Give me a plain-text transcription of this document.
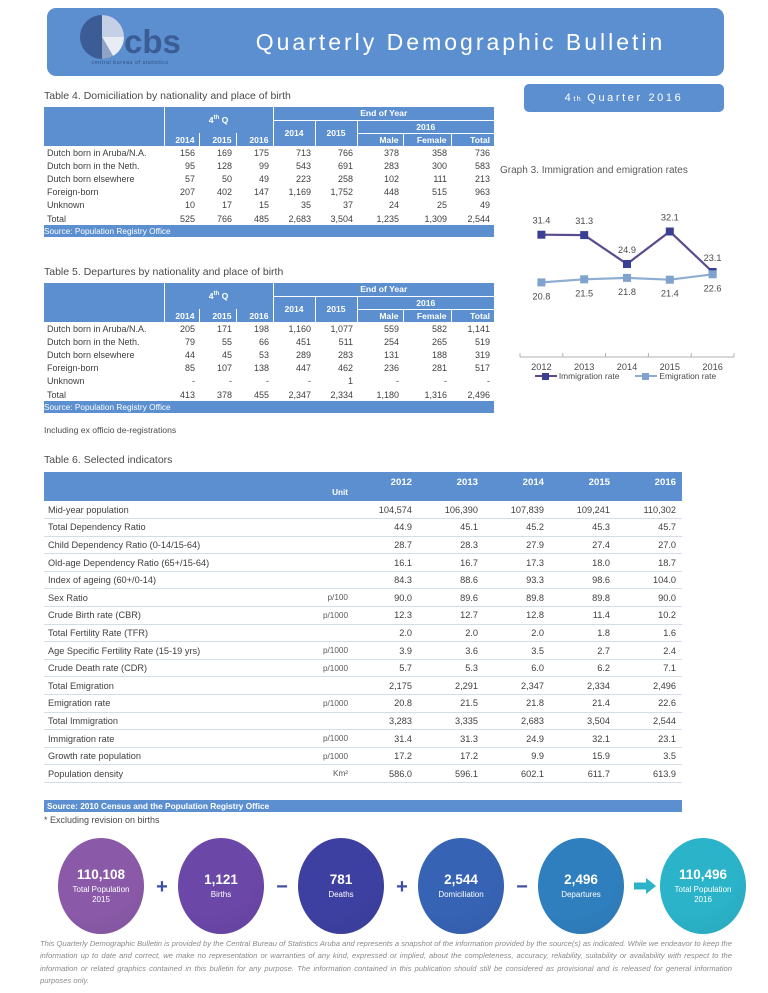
cbs
central bureau of statistics
Quarterly Demographic Bulletin
4 th
Quarter 2016
Table 4. Domiciliation by nationality and place of birth
	4th Q			End of Year				
				2014	2015	2016		
	2014	2015	2016			Male	Female	Total
Dutch born in Aruba/N.A.	156	169	175	713	766	378	358	736
Dutch born in the Neth.	95	128	99	543	691	283	300	583
Dutch born elsewhere	57	50	49	223	258	102	111	213
Foreign-born	207	402	147	1,169	1,752	448	515	963
Unknown	10	17	15	35	37	24	25	49
Total	525	766	485	2,683	3,504	1,235	1,309	2,544
Source: Population Registry Office								
Table 5. Departures by nationality and place of birth
	4th Q			End of Year				
				2014	2015	2016		
	2014	2015	2016			Male	Female	Total
Dutch born in Aruba/N.A.	205	171	198	1,160	1,077	559	582	1,141
Dutch born in the Neth.	79	55	66	451	511	254	265	519
Dutch born elsewhere	44	45	53	289	283	131	188	319
Foreign-born	85	107	138	447	462	236	281	517
Unknown	-	-	-	-	1	-	-	-
Total	413	378	455	2,347	2,334	1,180	1,316	2,496
Source: Population Registry Office								
Including ex officio de-registrations
Graph 3. Immigration and emigration rates
31.4	31.3
24.9
32.1
23.1
20.8	21.5	21.8	21.4
22.6
2012 2013 2014 2015 2016
Immigration rate	Emigration rate
Table 6. Selected indicators
	Unit	2012	2013	2014	2015	2016
Mid-year population		104,574	106,390	107,839	109,241	110,302
Total Dependency Ratio		44.9	45.1	45.2	45.3	45.7
Child Dependency Ratio (0-14/15-64)		28.7	28.3	27.9	27.4	27.0
Old-age Dependency Ratio (65+/15-64)		16.1	16.7	17.3	18.0	18.7
Index of ageing (60+/0-14)		84.3	88.6	93.3	98.6	104.0
Sex Ratio	p/100	90.0	89.6	89.8	89.8	90.0
Crude Birth rate (CBR)	p/1000	12.3	12.7	12.8	11.4	10.2
Total Fertility Rate (TFR)		2.0	2.0	2.0	1.8	1.6
Age Specific Fertility Rate (15-19 yrs)	p/1000	3.9	3.6	3.5	2.7	2.4
Crude Death rate (CDR)	p/1000	5.7	5.3	6.0	6.2	7.1
Total Emigration		2,175	2,291	2,347	2,334	2,496
Emigration rate	p/1000	20.8	21.5	21.8	21.4	22.6
Total Immigration		3,283	3,335	2,683	3,504	2,544
Immigration rate	p/1000	31.4	31.3	24.9	32.1	23.1
Growth rate population	p/1000	17.2	17.2	9.9	15.9	3.5
Population density	Km²	586.0	596.1	602.1	611.7	613.9
Source: 2010 Census and the Population Registry Office
* Excluding revision on births
110,108
Total Population
2015
+	1,121
Births −	781
Deaths +	2,544
Domiciliation −	2,496
Departures
110,496
Total Population
2016
This Quarterly Demographic Bulletin is provided by the Central Bureau of Statistics Aruba and represents a snapshot of the information provided by the source(s) as indicated. While we endeavor to keep the information up to date and correct, we make no representation or warranties of any kind, expressed or implied, about the completeness, accuracy, reliability, suitability or availability with respect to the information or related graphics contained in this bulletin for any purpose. The information contained in this publication should still be considered as provisional and is released for general information purposes only.
